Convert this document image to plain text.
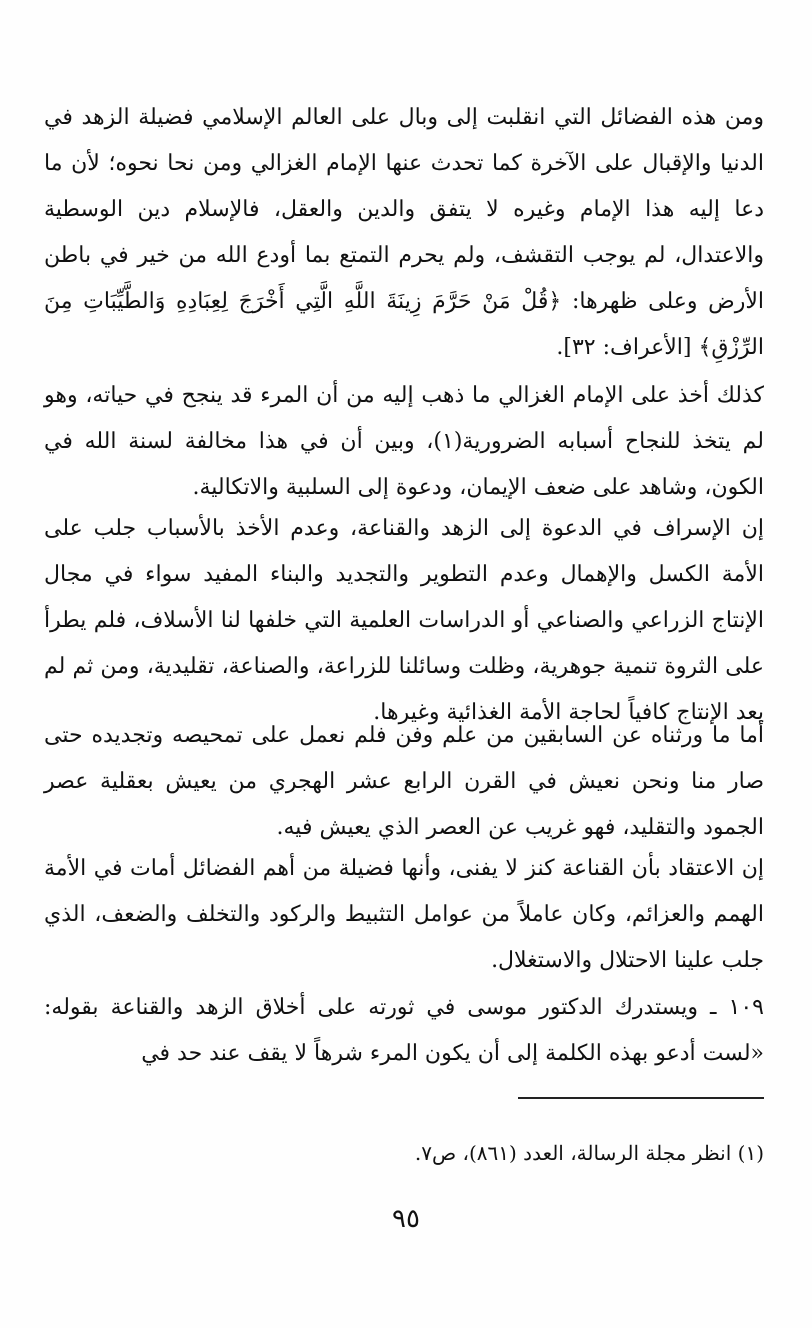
ومن هذه الفضائل التي انقلبت إلى وبال على العالم الإسلامي فضيلة الزهد في الدنيا والإقبال على الآخرة كما تحدث عنها الإمام الغزالي ومن نحا نحوه؛ لأن ما دعا إليه هذا الإمام وغيره لا يتفق والدين والعقل، فالإسلام دين الوسطية والاعتدال، لم يوجب التقشف، ولم يحرم التمتع بما أودع الله من خير في باطن الأرض وعلى ظهرها: ﴿قُلْ مَنْ حَرَّمَ زِينَةَ اللَّهِ الَّتِي أَخْرَجَ لِعِبَادِهِ وَالطَّيِّبَاتِ مِنَ الرِّزْقِ﴾ [الأعراف: ٣٢].

كذلك أخذ على الإمام الغزالي ما ذهب إليه من أن المرء قد ينجح في حياته، وهو لم يتخذ للنجاح أسبابه الضرورية(١)، وبين أن في هذا مخالفة لسنة الله في الكون، وشاهد على ضعف الإيمان، ودعوة إلى السلبية والاتكالية.

إن الإسراف في الدعوة إلى الزهد والقناعة، وعدم الأخذ بالأسباب جلب على الأمة الكسل والإهمال وعدم التطوير والتجديد والبناء المفيد سواء في مجال الإنتاج الزراعي والصناعي أو الدراسات العلمية التي خلفها لنا الأسلاف، فلم يطرأ على الثروة تنمية جوهرية، وظلت وسائلنا للزراعة، والصناعة، تقليدية، ومن ثم لم يعد الإنتاج كافياً لحاجة الأمة الغذائية وغيرها.

أما ما ورثناه عن السابقين من علم وفن فلم نعمل على تمحيصه وتجديده حتى صار منا ونحن نعيش في القرن الرابع عشر الهجري من يعيش بعقلية عصر الجمود والتقليد، فهو غريب عن العصر الذي يعيش فيه.

إن الاعتقاد بأن القناعة كنز لا يفنى، وأنها فضيلة من أهم الفضائل أمات في الأمة الهمم والعزائم، وكان عاملاً من عوامل التثبيط والركود والتخلف والضعف، الذي جلب علينا الاحتلال والاستغلال.

١٠٩ ـ ويستدرك الدكتور موسى في ثورته على أخلاق الزهد والقناعة بقوله: «لست أدعو بهذه الكلمة إلى أن يكون المرء شرهاً لا يقف عند حد في

(١) انظر مجلة الرسالة، العدد (٨٦١)، ص٧.
٩٥
